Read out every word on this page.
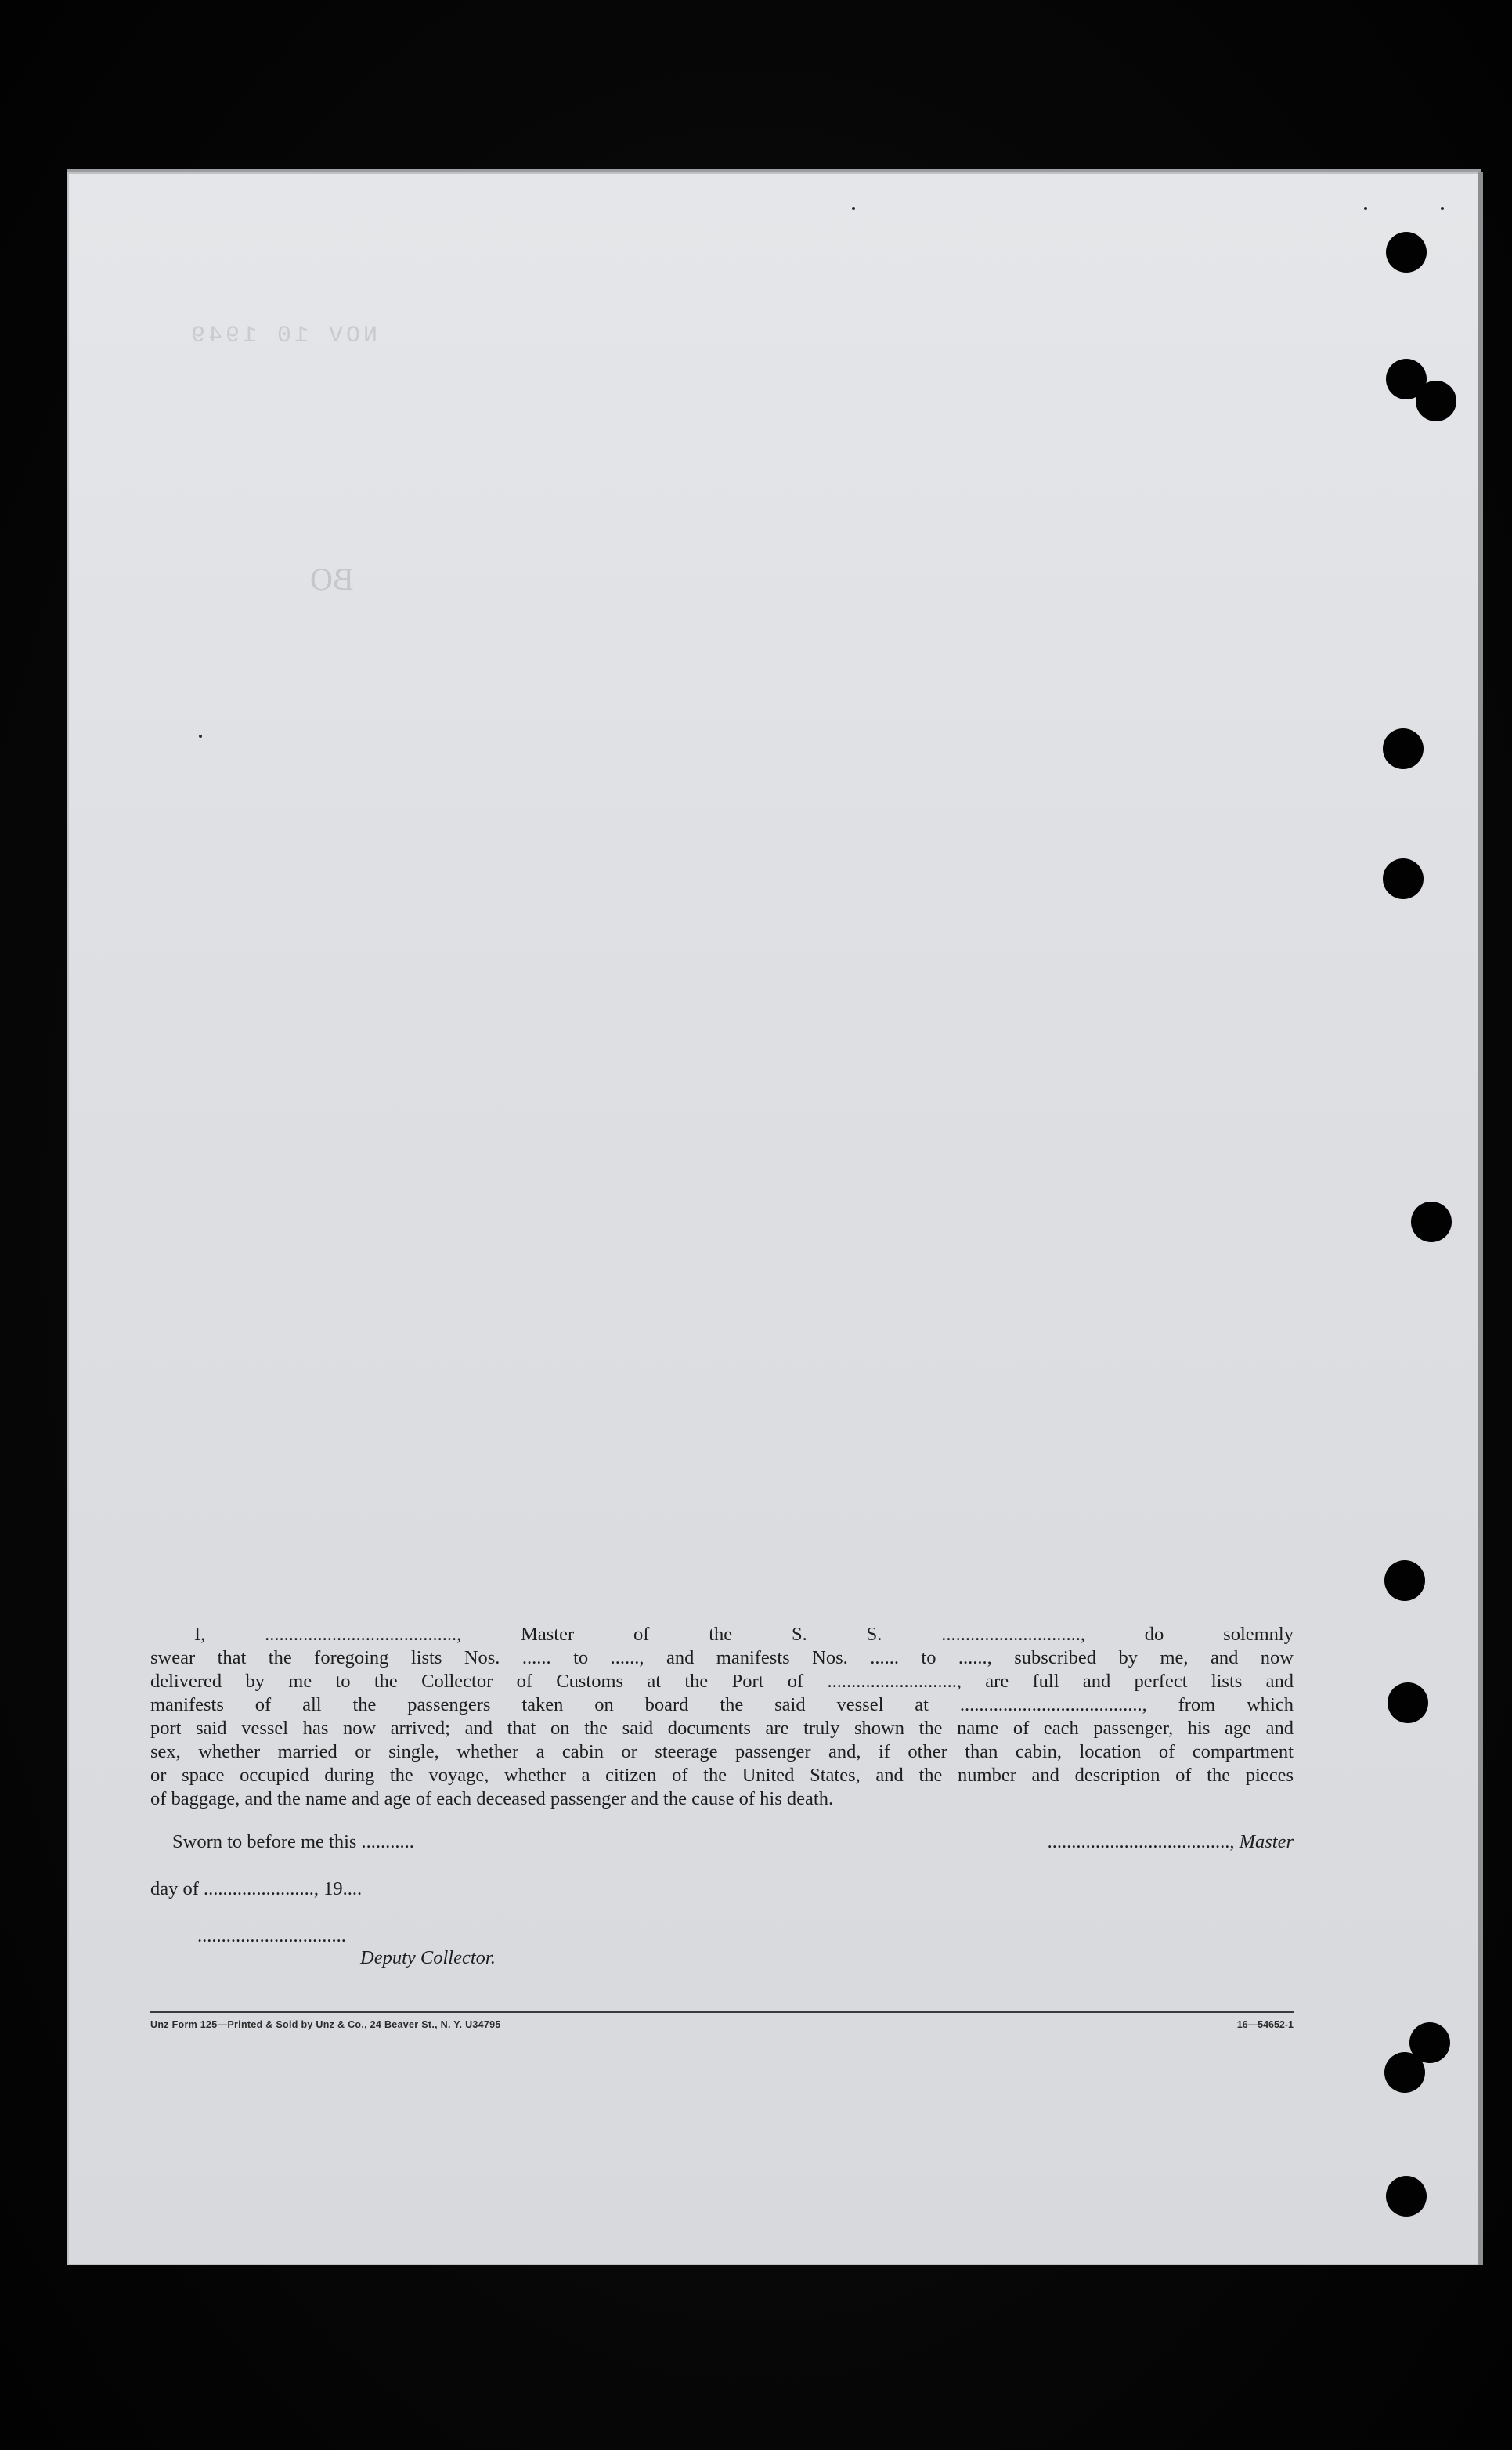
NOV 10 1949
BO

I, ........................................, Master of the S. S. ............................., do solemnly
swear that the foregoing lists Nos. ...... to ......, and manifests Nos. ...... to ......, subscribed by me, and now
delivered by me to the Collector of Customs at the Port of ..........................., are full and perfect lists and
manifests of all the passengers taken on board the said vessel at ......................................, from which
port said vessel has now arrived; and that on the said documents are truly shown the name of each passenger, his age and
sex, whether married or single, whether a cabin or steerage passenger and, if other than cabin, location of compartment
or space occupied during the voyage, whether a citizen of the United States, and the number and description of the pieces
of baggage, and the name and age of each deceased passenger and the cause of his death.

Sworn to before me this ...........	......................................, Master
day of ......................., 19....
...............................
Deputy Collector.
Unz Form 125—Printed & Sold by Unz & Co., 24 Beaver St., N. Y. U34795	16—54652-1
